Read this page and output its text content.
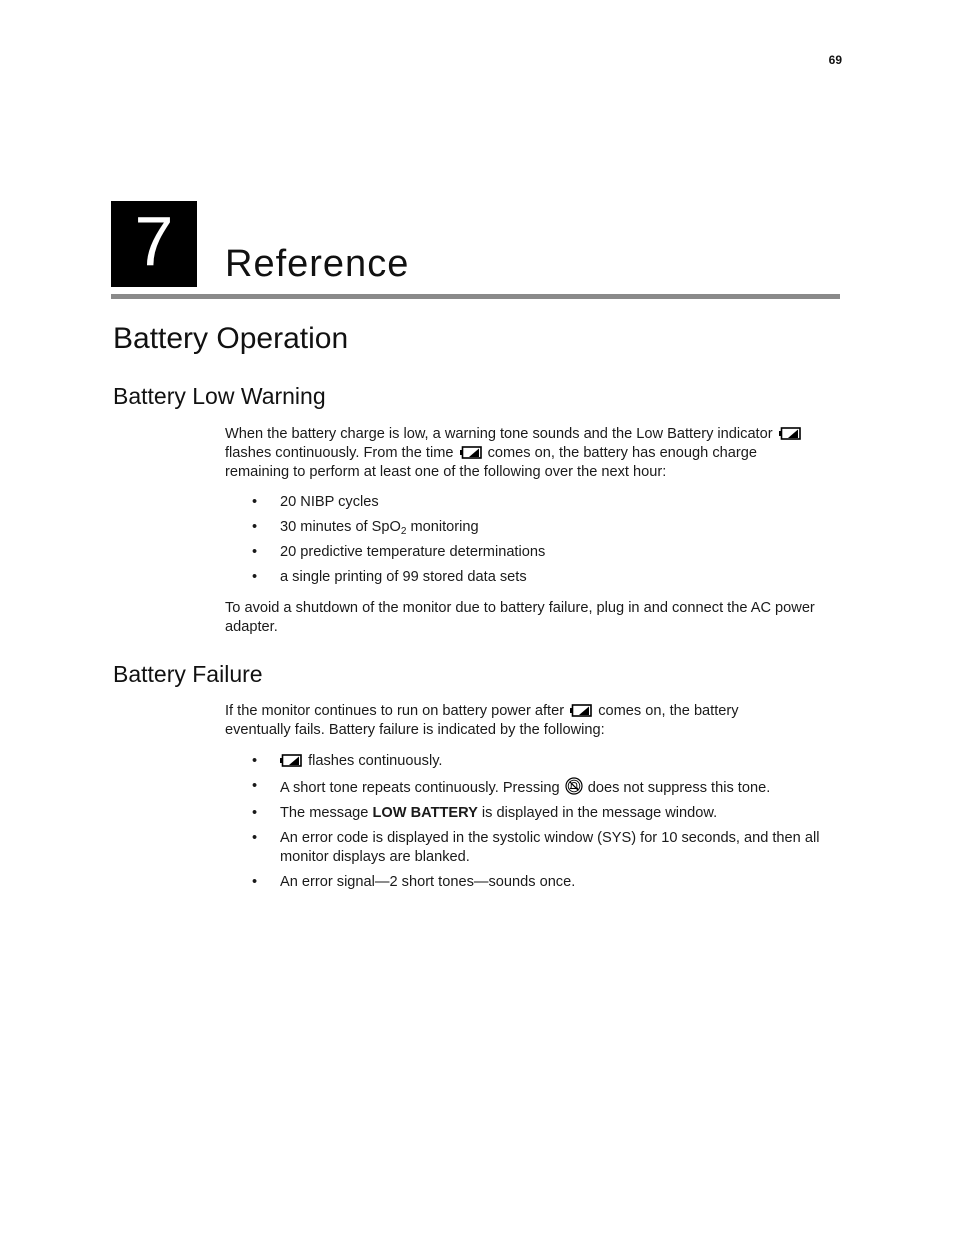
69
7	Reference
Battery Operation
Battery Low Warning
When the battery charge is low, a warning tone sounds and the Low Battery indicator

flashes continuously. From the time comes on, the battery has enough charge
remaining to perform at least one of the following over the next hour:
• 20 NIBP cycles
• 30 minutes of SpO$_2$ monitoring
• 20 predictive temperature determinations
• a single printing of 99 stored data sets
To avoid a shutdown of the monitor due to battery failure, plug in and connect the AC power adapter.
Battery Failure
If the monitor continues to run on battery power after comes on, the battery
eventually fails. Battery failure is indicated by the following:
•	flashes continuously.
• A short tone repeats continuously. Pressing does not suppress this tone.
• The message LOW BATTERY is displayed in the message window.
• An error code is displayed in the systolic window (SYS) for 10 seconds, and then all monitor displays are blanked.
• An error signal—2 short tones—sounds once.
